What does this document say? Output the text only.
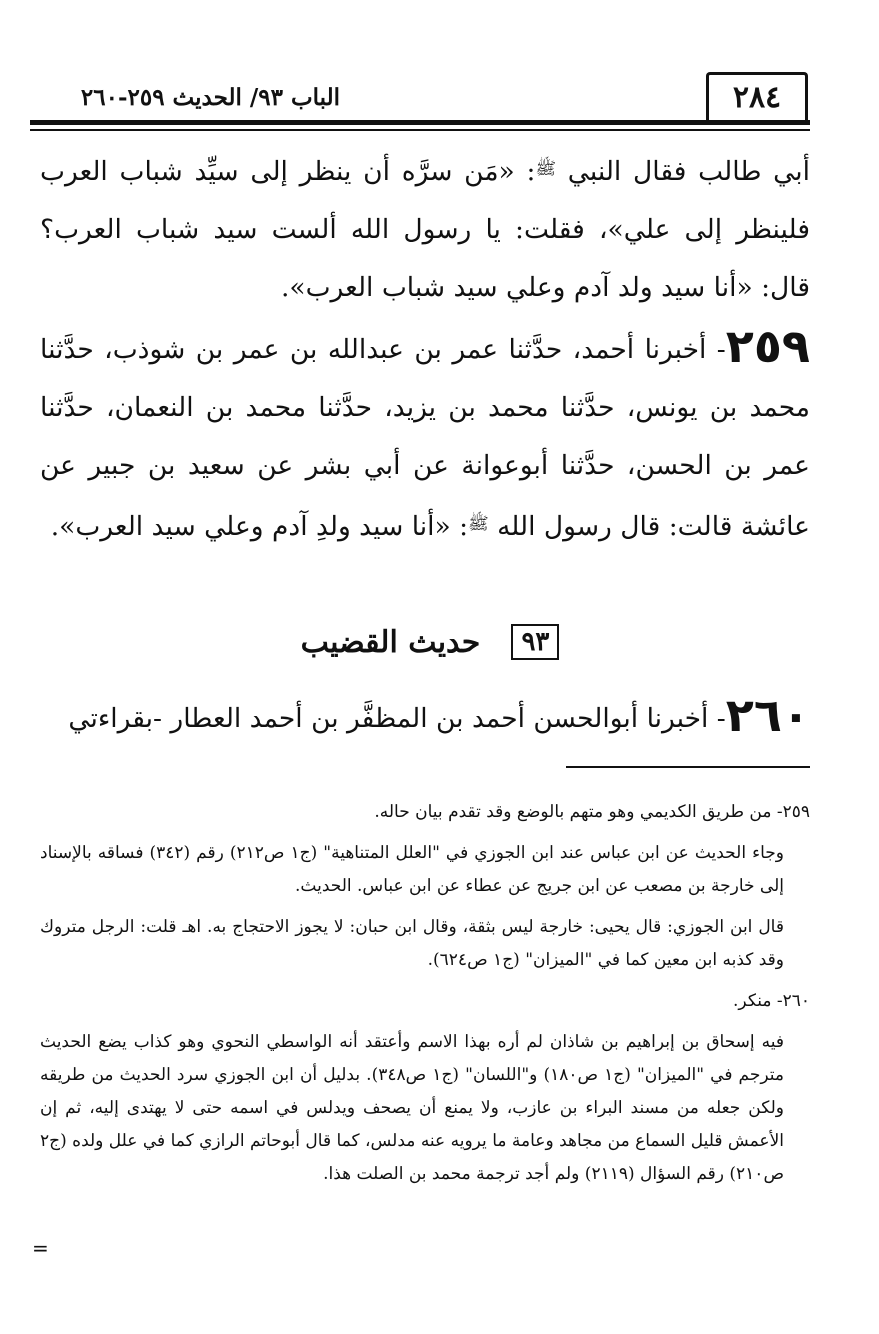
٢٨٤
الباب ٩٣/ الحديث ٢٥٩-٢٦٠

أبي طالب فقال النبي $^ﷺ$: «مَن سرَّه أن ينظر إلى سيِّد شباب العرب فلينظر إلى علي»، فقلت: يا رسول الله ألست سيد شباب العرب؟ قال: «أنا سيد ولد آدم وعلي سيد شباب العرب».

٢٥٩- أخبرنا أحمد، حدَّثنا عمر بن عبدالله بن عمر بن شوذب، حدَّثنا محمد بن يونس، حدَّثنا محمد بن يزيد، حدَّثنا محمد بن النعمان، حدَّثنا عمر بن الحسن، حدَّثنا أبوعوانة عن أبي بشر عن سعيد بن جبير عن عائشة قالت: قال رسول الله $^ﷺ$: «أنا سيد ولدِ آدم وعلي سيد العرب».

٩٣ حديث القضيب
٢٦٠- أخبرنا أبوالحسن أحمد بن المظفَّر بن أحمد العطار -بقراءتي

٢٥٩- من طريق الكديمي وهو متهم بالوضع وقد تقدم بيان حاله.

وجاء الحديث عن ابن عباس عند ابن الجوزي في "العلل المتناهية" (ج١ ص٢١٢) رقم (٣٤٢) فساقه بالإسناد إلى خارجة بن مصعب عن ابن جريج عن عطاء عن ابن عباس. الحديث.

قال ابن الجوزي: قال يحيى: خارجة ليس بثقة، وقال ابن حبان: لا يجوز الاحتجاج به. اهـ قلت: الرجل متروك وقد كذبه ابن معين كما في "الميزان" (ج١ ص٦٢٤).

٢٦٠- منكر.

فيه إسحاق بن إبراهيم بن شاذان لم أره بهذا الاسم وأعتقد أنه الواسطي النحوي وهو كذاب يضع الحديث مترجم في "الميزان" (ج١ ص١٨٠) و"اللسان" (ج١ ص٣٤٨). بدليل أن ابن الجوزي سرد الحديث من طريقه ولكن جعله من مسند البراء بن عازب، ولا يمنع أن يصحف ويدلس في اسمه حتى لا يهتدى إليه، ثم إن الأعمش قليل السماع من مجاهد وعامة ما يرويه عنه مدلس، كما قال أبوحاتم الرازي كما في علل ولده (ج٢ ص٢١٠) رقم السؤال (٢١١٩) ولم أجد ترجمة محمد بن الصلت هذا.

=
